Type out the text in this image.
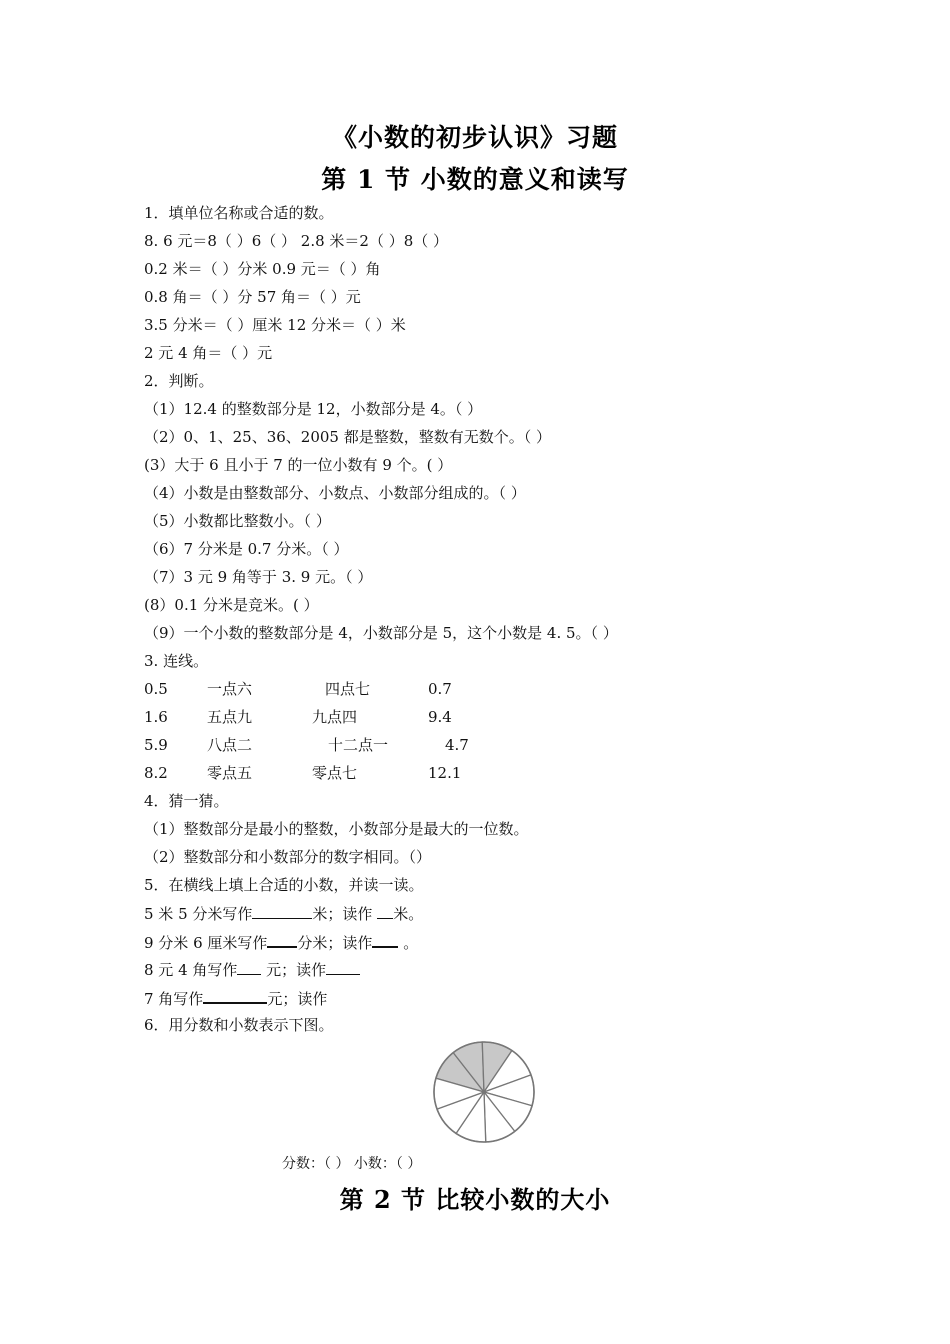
《小数的初步认识》习题
第 1 节 小数的意义和读写
1．填单位名称或合适的数。
8. 6 元＝8（ ）6（ ） 2.8 米＝2（ ）8（ ）
0.2 米＝（ ）分米 0.9 元＝（ ）角
0.8 角＝（ ）分 57 角＝（ ）元
3.5 分米＝（ ）厘米 12 分米＝（ ）米
2 元 4 角＝（ ）元
2．判断。
（1）12.4 的整数部分是 12，小数部分是 4。（ ）
（2）0、1、25、36、2005 都是整数，整数有无数个。（ ）
(3）大于 6 且小于 7 的一位小数有 9 个。( ）
（4）小数是由整数部分、小数点、小数部分组成的。（ ）
（5）小数都比整数小。（ ）
（6）7 分米是 0.7 分米。（ ）
（7）3 元 9 角等于 3. 9 元。（ ）
(8）0.1 分米是竞米。( ）
（9）一个小数的整数部分是 4，小数部分是 5，这个小数是 4. 5。（ ）
3. 连线。
0.5	一点六	四点七	0.7
1.6	五点九	九点四	9.4
5.9	八点二	十二点一	4.7
8.2	零点五	零点七	12.1
4．猜一猜。
（1）整数部分是最小的整数，小数部分是最大的一位数。
（2）整数部分和小数部分的数字相同。（）
5．在横线上填上合适的小数，并读一读。
5 米 5 分米写作	米；读作 米。
9 分米 6 厘米写作 分米；读作 。
8 元 4 角写作 元；读作
7 角写作	元；读作
6．用分数和小数表示下图。
分数：（ ） 小数：（ ）
第 2 节 比较小数的大小
